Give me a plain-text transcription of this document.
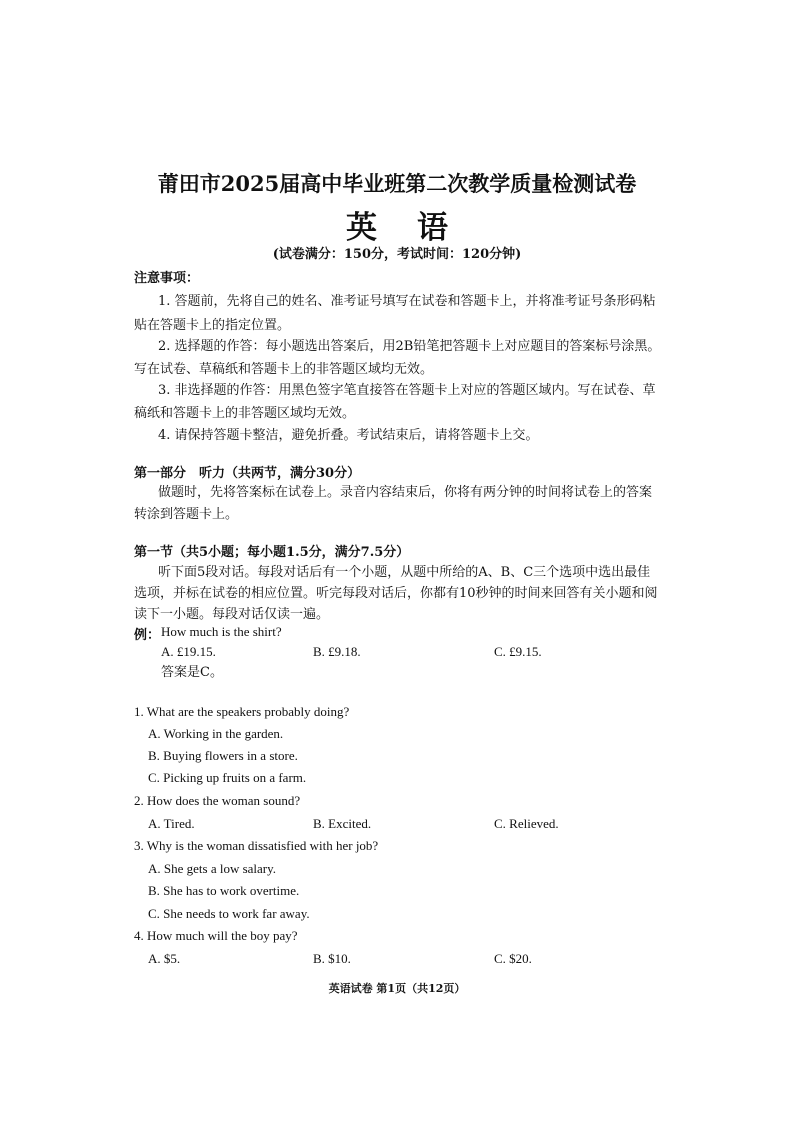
莆田市2025届高中毕业班第二次教学质量检测试卷
英语
(试卷满分：150分，考试时间：120分钟)
注意事项：
1. 答题前，先将自己的姓名、准考证号填写在试卷和答题卡上，并将准考证号条形码粘
贴在答题卡上的指定位置。
2. 选择题的作答：每小题选出答案后，用2B铅笔把答题卡上对应题目的答案标号涂黑。
写在试卷、草稿纸和答题卡上的非答题区域均无效。
3. 非选择题的作答：用黑色签字笔直接答在答题卡上对应的答题区域内。写在试卷、草
稿纸和答题卡上的非答题区域均无效。
4. 请保持答题卡整洁，避免折叠。考试结束后，请将答题卡上交。
第一部分　听力（共两节，满分30分）
做题时，先将答案标在试卷上。录音内容结束后，你将有两分钟的时间将试卷上的答案
转涂到答题卡上。
第一节（共5小题；每小题1.5分，满分7.5分）
听下面5段对话。每段对话后有一个小题，从题中所给的A、B、C三个选项中选出最佳
选项，并标在试卷的相应位置。听完每段对话后，你都有10秒钟的时间来回答有关小题和阅
读下一小题。每段对话仅读一遍。
例： How much is the shirt?
A. £19.15.	B. £9.18.	C. £9.15.
答案是C。
1. What are the speakers probably doing?
A. Working in the garden.
B. Buying flowers in a store.
C. Picking up fruits on a farm.
2. How does the woman sound?
A. Tired.	B. Excited.	C. Relieved.
3. Why is the woman dissatisfied with her job?
A. She gets a low salary.
B. She has to work overtime.
C. She needs to work far away.
4. How much will the boy pay?
A. $5.	B. $10.	C. $20.
英语试卷 第1页（共12页）
